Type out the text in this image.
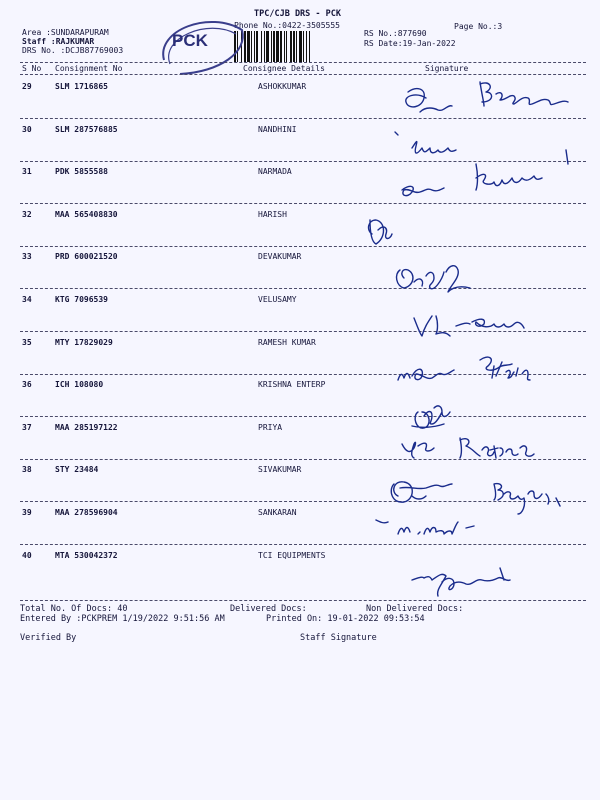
TPC/CJB DRS - PCK
Phone No.:0422-3505555	Page No.:3
RS No.:877690
RS Date:19-Jan-2022
Area :SUNDARAPURAM
Staff :RAJKUMAR
DRS No. :DCJB87769003
PCK
S No Consignment No	Consignee Details	Signature
29	SLM 1716865	ASHOKKUMAR
30	SLM 287576885	NANDHINI
31	PDK 5855588	NARMADA
32	MAA 565408830	HARISH
33	PRD 600021520	DEVAKUMAR
34	KTG 7096539	VELUSAMY
35	MTY 17829029	RAMESH KUMAR
36	ICH 108080	KRISHNA ENTERP
37	MAA 285197122	PRIYA
38	STY 23484	SIVAKUMAR
39	MAA 278596904	SANKARAN
40	MTA 530042372	TCI EQUIPMENTS
Total No. Of Docs: 40	Delivered Docs:	Non Delivered Docs:
Entered By :PCKPREM 1/19/2022 9:51:56 AM	Printed On: 19-01-2022 09:53:54
Verified By	Staff Signature
